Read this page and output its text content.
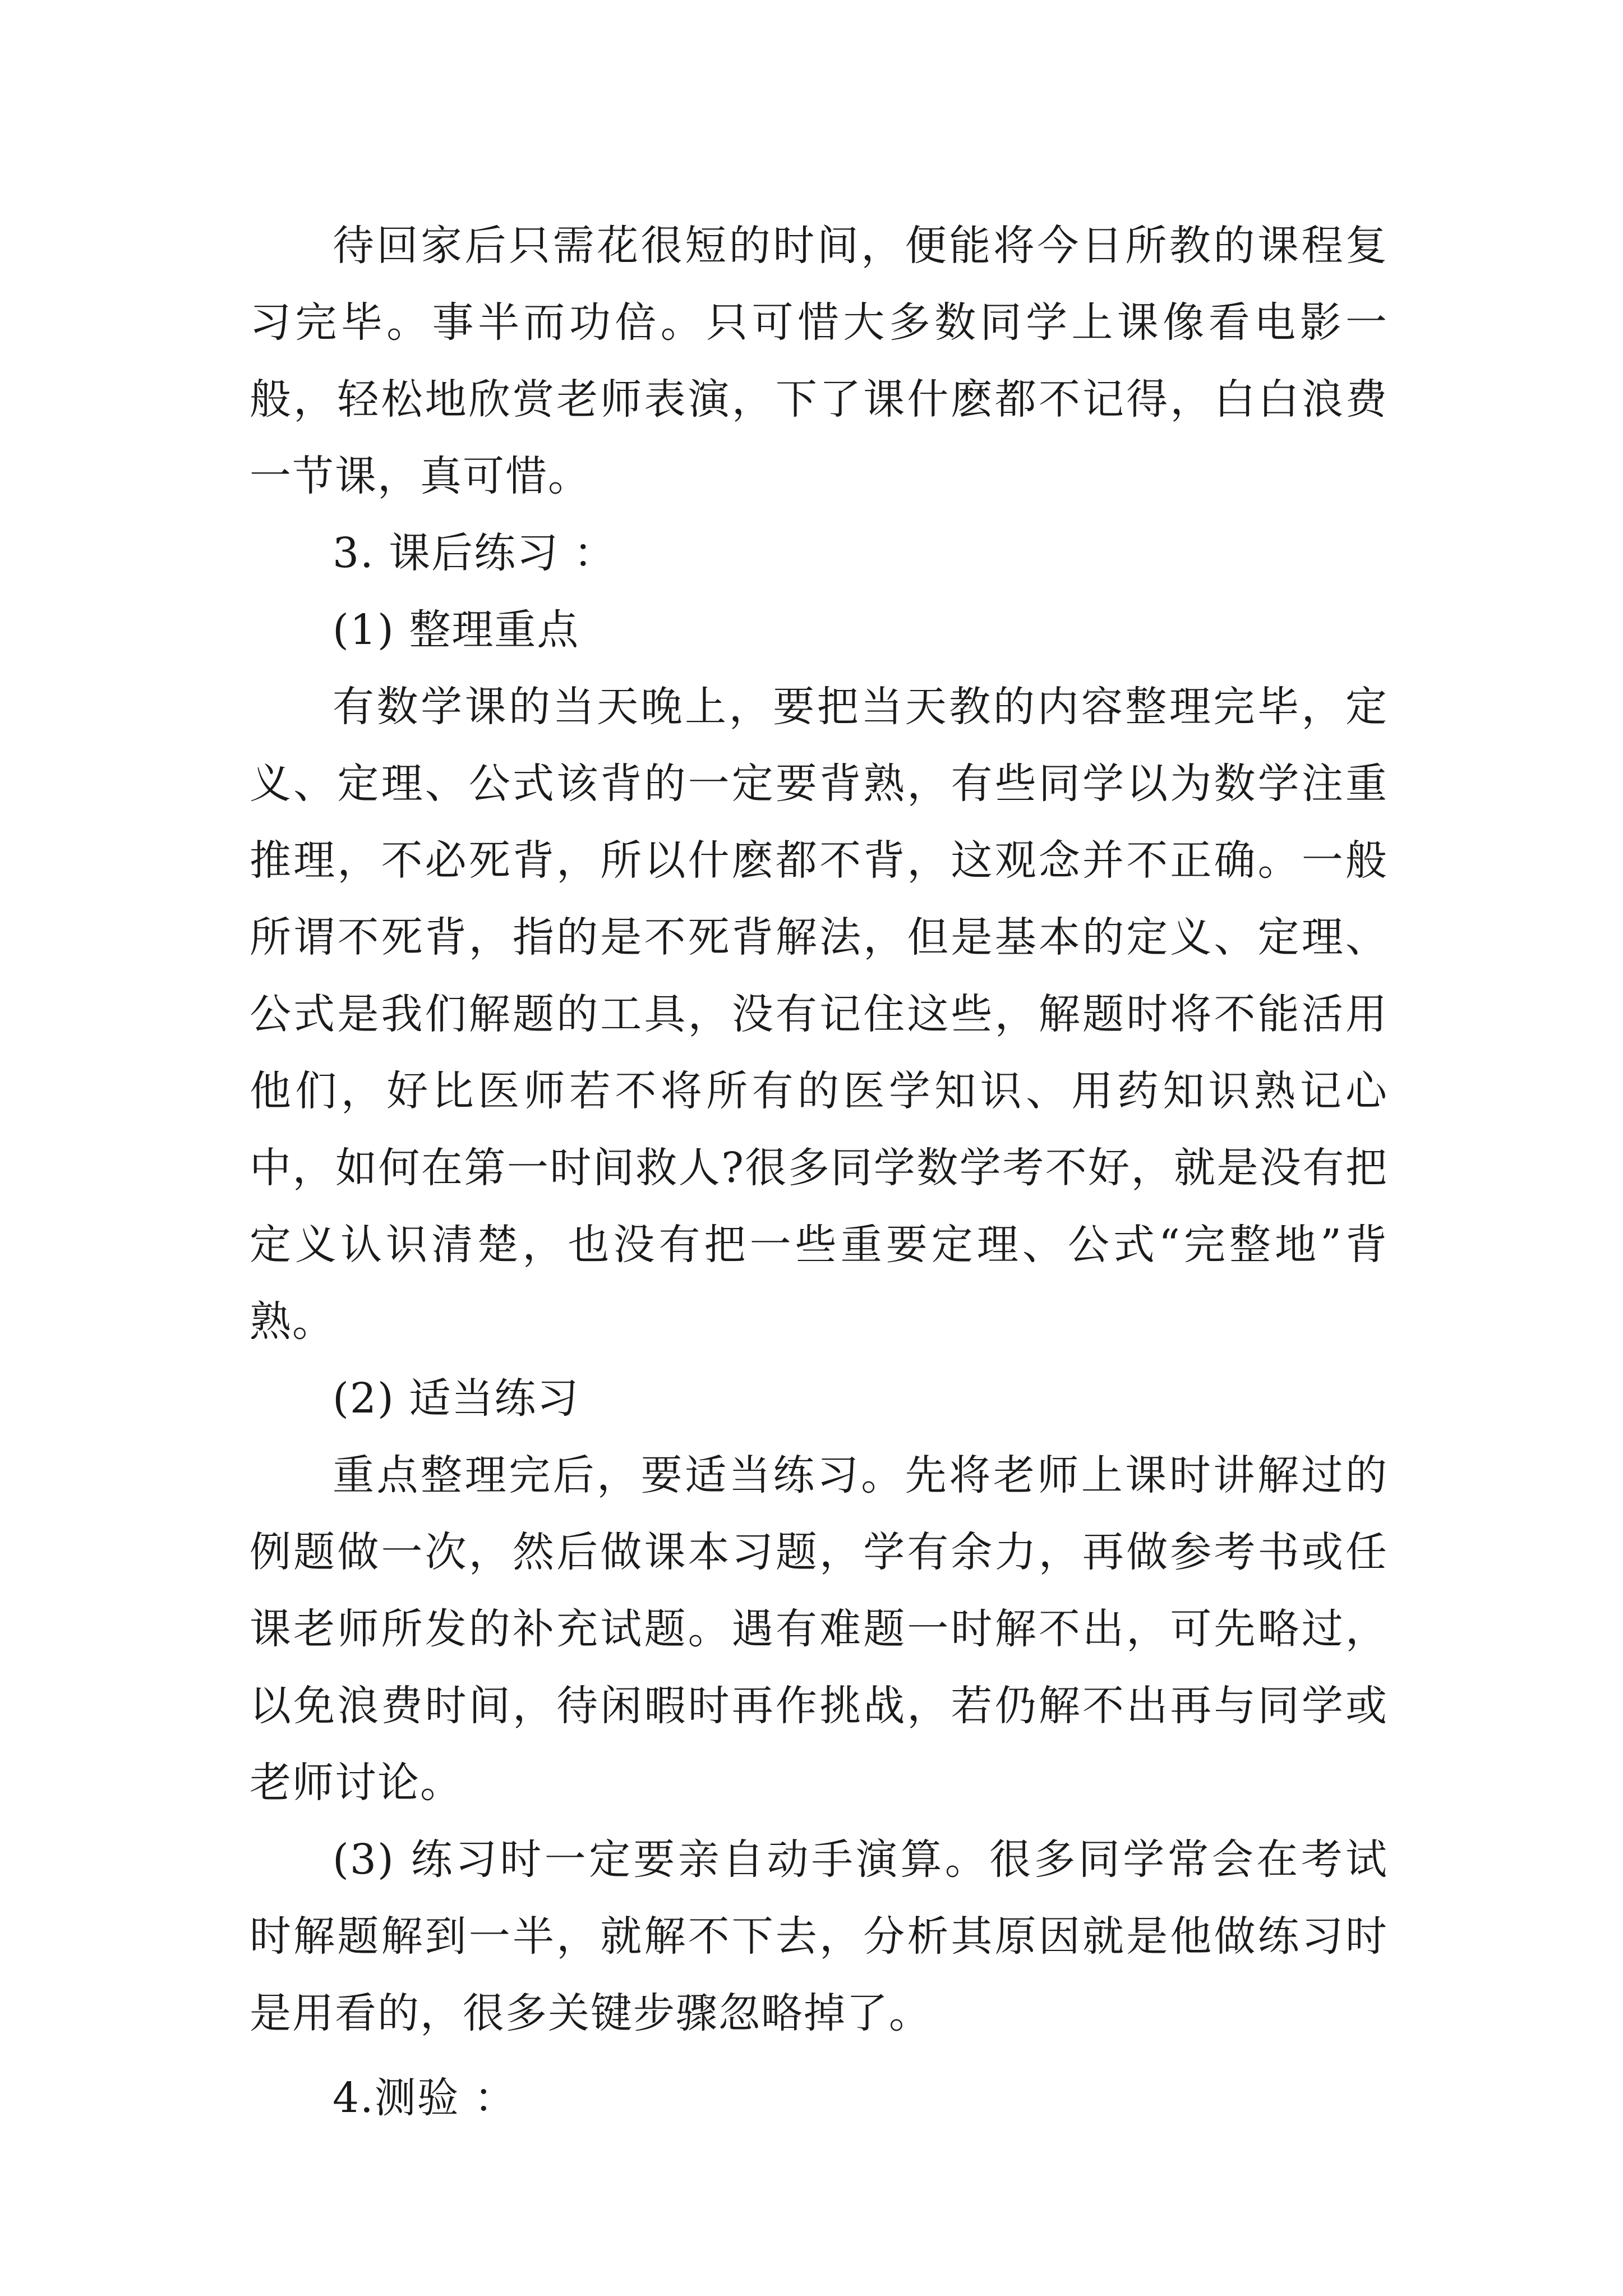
待回家后只需花很短的时间，便能将今日所教的课程复习完毕。事半而功倍。只可惜大多数同学上课像看电影一般，轻松地欣赏老师表演，下了课什麽都不记得，白白浪费一节课，真可惜。

3. 课后练习 ：
(1) 整理重点

有数学课的当天晚上，要把当天教的内容整理完毕，定义、定理、公式该背的一定要背熟，有些同学以为数学注重推理，不必死背，所以什麽都不背，这观念并不正确。一般所谓不死背，指的是不死背解法，但是基本的定义、定理、公式是我们解题的工具，没有记住这些，解题时将不能活用他们，好比医师若不将所有的医学知识、用药知识熟记心中，如何在第一时间救人?很多同学数学考不好，就是没有把定义认识清楚，也没有把一些重要定理、公式“完整地”背熟。

(2) 适当练习

重点整理完后，要适当练习。先将老师上课时讲解过的例题做一次，然后做课本习题，学有余力，再做参考书或任课老师所发的补充试题。遇有难题一时解不出，可先略过，以免浪费时间，待闲暇时再作挑战，若仍解不出再与同学或老师讨论。

(3) 练习时一定要亲自动手演算。很多同学常会在考试时解题解到一半，就解不下去，分析其原因就是他做练习时是用看的，很多关键步骤忽略掉了。

4.测验 ：
